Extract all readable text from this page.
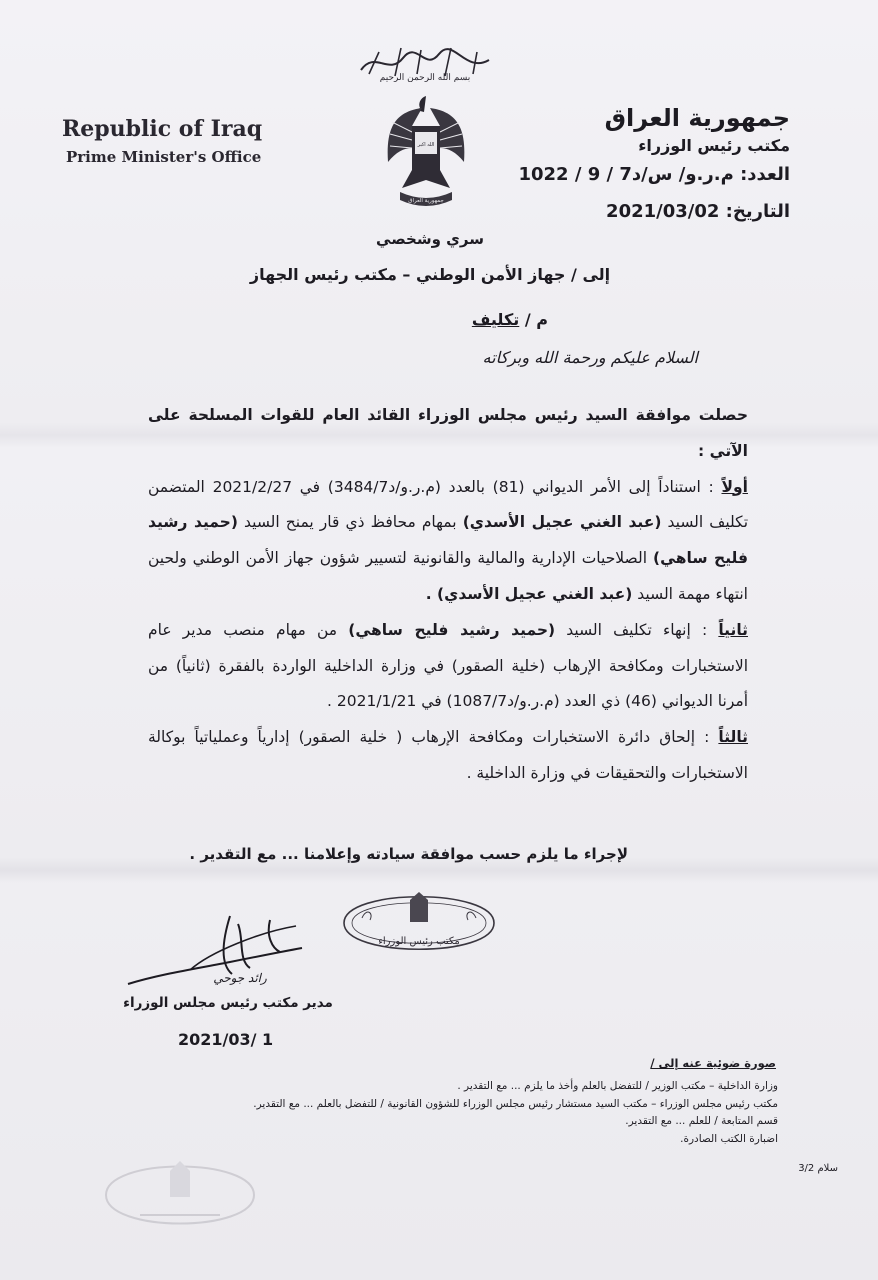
بسم الله الرحمن الرحيم
الله اكبر
جمهورية العراق
Republic of Iraq
Prime Minister's Office
جمهورية العراق
مكتب رئيس الوزراء
العدد: م.ر.و/ س/د7 / 9 / 1022
التاريخ: 2021/03/02
سري وشخصي
إلى / جهاز الأمن الوطني – مكتب رئيس الجهاز
م / تكليف
السلام عليكم ورحمة الله وبركاته

حصلت موافقة السيد رئيس مجلس الوزراء القائد العام للقوات المسلحة على الآتي :

أولاً : استناداً إلى الأمر الديواني (81) بالعدد (م.ر.و/د3484/7) في 2021/2/27 المتضمن تكليف السيد (عبد الغني عجيل الأسدي) بمهام محافظ ذي قار يمنح السيد (حميد رشيد فليح ساهي) الصلاحيات الإدارية والمالية والقانونية لتسيير شؤون جهاز الأمن الوطني ولحين انتهاء مهمة السيد (عبد الغني عجيل الأسدي) .

ثانياً : إنهاء تكليف السيد (حميد رشيد فليح ساهي) من مهام منصب مدير عام الاستخبارات ومكافحة الإرهاب (خلية الصقور) في وزارة الداخلية الواردة بالفقرة (ثانياً) من أمرنا الديواني (46) ذي العدد (م.ر.و/د1087/7) في 2021/1/21 .

ثالثاً : إلحاق دائرة الاستخبارات ومكافحة الإرهاب ( خلية الصقور) إدارياً وعملياتياً بوكالة الاستخبارات والتحقيقات في وزارة الداخلية .

لإجراء ما يلزم حسب موافقة سيادته وإعلامنا ... مع التقدير .
مكتب رئيس الوزراء
رائد جوحي
مدير مكتب رئيس مجلس الوزراء
2021/03/ 1
صورة ضوئية عنه إلى /
وزارة الداخلية – مكتب الوزير / للتفضل بالعلم وأخذ ما يلزم ... مع التقدير .
مكتب رئيس مجلس الوزراء – مكتب السيد مستشار رئيس مجلس الوزراء للشؤون القانونية / للتفضل بالعلم ... مع التقدير.
قسم المتابعة / للعلم ... مع التقدير.
اضبارة الكتب الصادرة.
سلام 3/2
